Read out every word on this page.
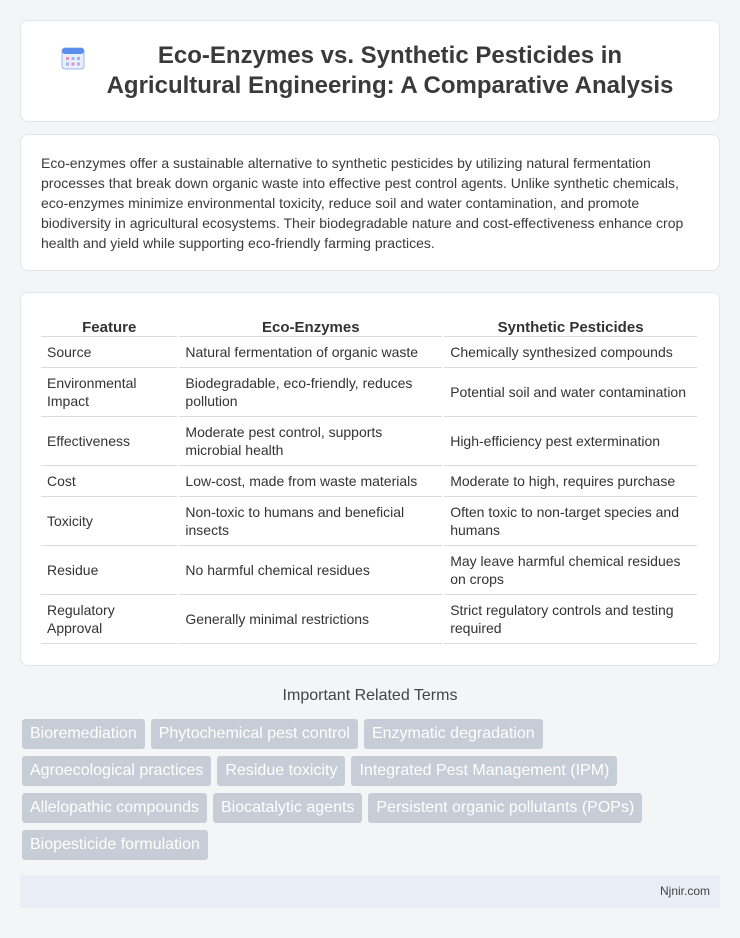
Eco-Enzymes vs. Synthetic Pesticides in Agricultural Engineering: A Comparative Analysis

Eco-enzymes offer a sustainable alternative to synthetic pesticides by utilizing natural fermentation processes that break down organic waste into effective pest control agents. Unlike synthetic chemicals, eco-enzymes minimize environmental toxicity, reduce soil and water contamination, and promote biodiversity in agricultural ecosystems. Their biodegradable nature and cost-effectiveness enhance crop health and yield while supporting eco-friendly farming practices.

Feature	Eco-Enzymes	Synthetic Pesticides
Source	Natural fermentation of organic waste	Chemically synthesized compounds
Environmental Impact	Biodegradable, eco-friendly, reduces pollution	Potential soil and water contamination
Effectiveness	Moderate pest control, supports microbial health	High-efficiency pest extermination
Cost	Low-cost, made from waste materials	Moderate to high, requires purchase
Toxicity	Non-toxic to humans and beneficial insects	Often toxic to non-target species and humans
Residue	No harmful chemical residues	May leave harmful chemical residues on crops
Regulatory Approval	Generally minimal restrictions	Strict regulatory controls and testing required
Important Related Terms
Bioremediation	Phytochemical pest control	Enzymatic degradation
Agroecological practices	Residue toxicity	Integrated Pest Management (IPM)
Allelopathic compounds	Biocatalytic agents	Persistent organic pollutants (POPs)
Biopesticide formulation
Njnir.com
